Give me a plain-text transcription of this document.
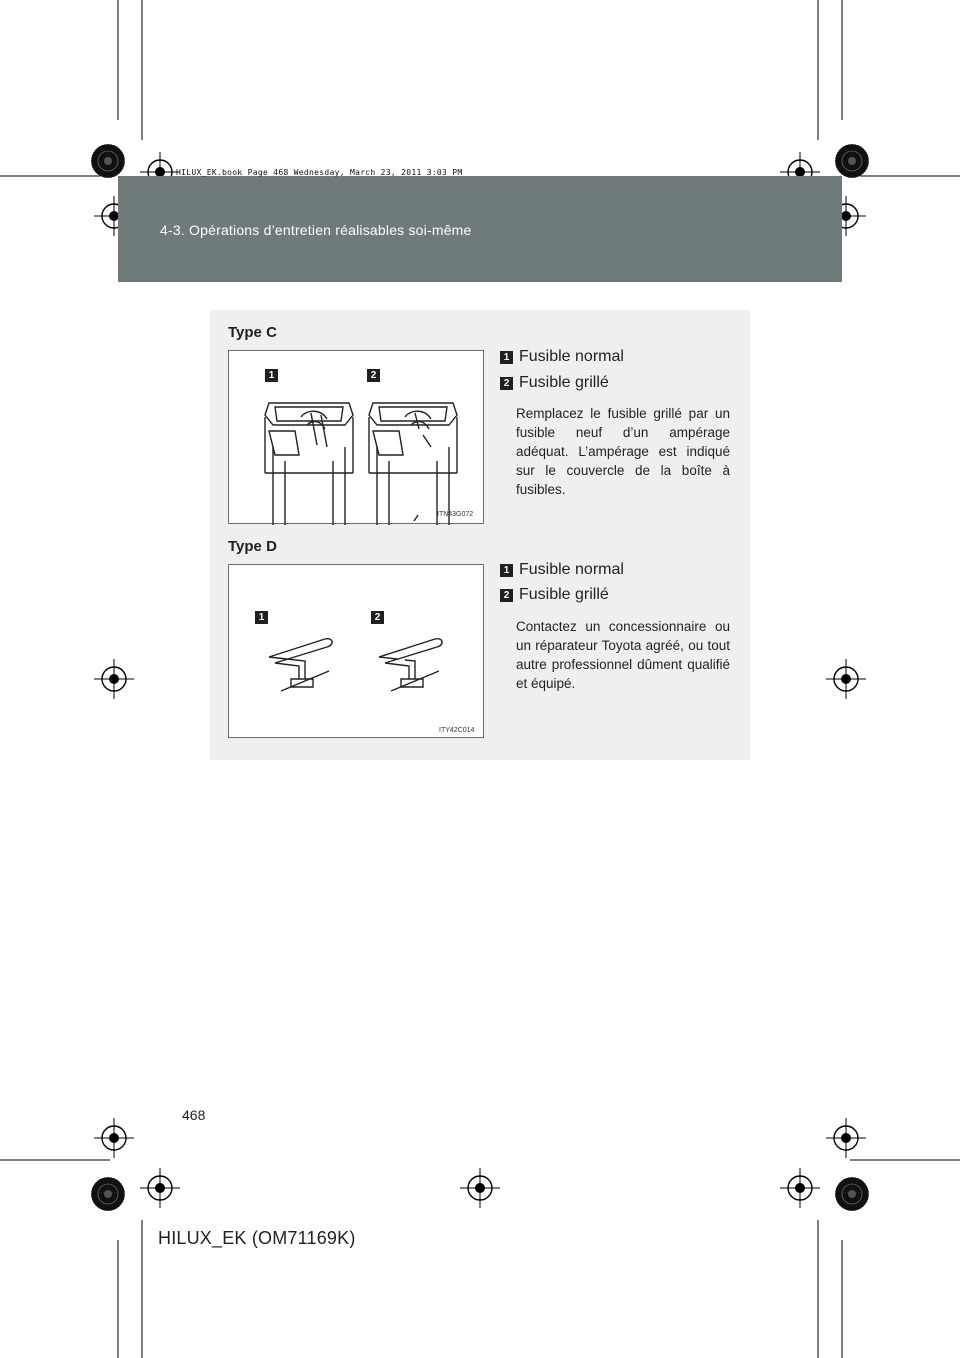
HILUX_EK.book Page 468 Wednesday, March 23, 2011 3:03 PM
4-3. Opérations d’entretien réalisables soi-même
Type C
1	2
ITN43G072
1 Fusible normal
2 Fusible grillé
Remplacez le fusible grillé par un fusible neuf d’un ampérage adéquat. L’ampérage est indiqué sur le couvercle de la boîte à fusibles.
Type D
1	2
ITY42C014
1 Fusible normal
2 Fusible grillé
Contactez un concessionnaire ou un réparateur Toyota agréé, ou tout autre professionnel dûment qualifié et équipé.
468
HILUX_EK (OM71169K)
